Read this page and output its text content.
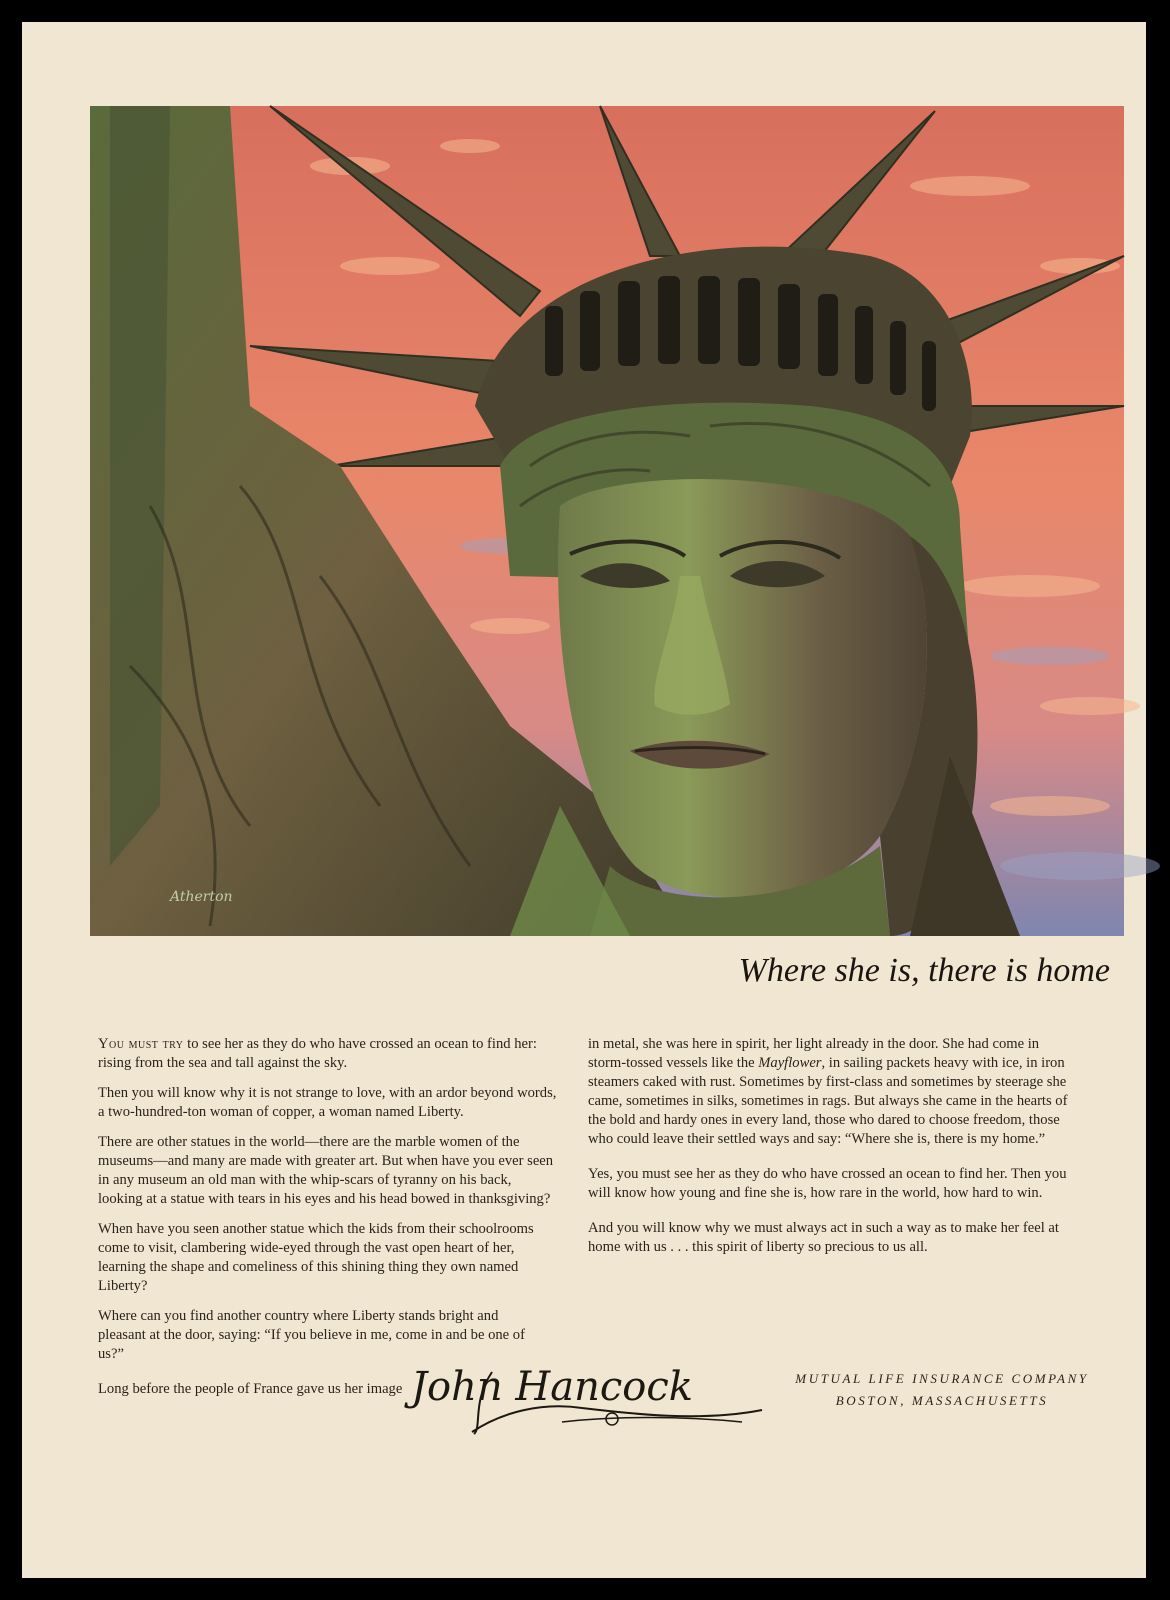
Atherton
Where she is, there is home

You must try to see her as they do who have crossed an ocean to find her: rising from the sea and tall against the sky.

Then you will know why it is not strange to love, with an ardor beyond words, a two-hundred-ton woman of copper, a woman named Liberty.

There are other statues in the world—there are the marble women of the museums—and many are made with greater art. But when have you ever seen in any museum an old man with the whip-scars of tyranny on his back, looking at a statue with tears in his eyes and his head bowed in thanksgiving?

When have you seen another statue which the kids from their schoolrooms come to visit, clambering wide-eyed through the vast open heart of her, learning the shape and comeliness of this shining thing they own named Liberty?

Where can you find another country where Liberty stands bright and pleasant at the door, saying: “If you believe in me, come in and be one of us?”

Long before the people of France gave us her image

in metal, she was here in spirit, her light already in the door. She had come in storm-tossed vessels like the Mayflower, in sailing packets heavy with ice, in iron steamers caked with rust. Sometimes by first-class and sometimes by steerage she came, sometimes in silks, sometimes in rags. But always she came in the hearts of the bold and hardy ones in every land, those who dared to choose freedom, those who could leave their settled ways and say: “Where she is, there is my home.”

Yes, you must see her as they do who have crossed an ocean to find her. Then you will know how young and fine she is, how rare in the world, how hard to win.

And you will know why we must always act in such a way as to make her feel at home with us . . . this spirit of liberty so precious to us all.

John Hancock	MUTUAL LIFE INSURANCE COMPANY
BOSTON, MASSACHUSETTS
